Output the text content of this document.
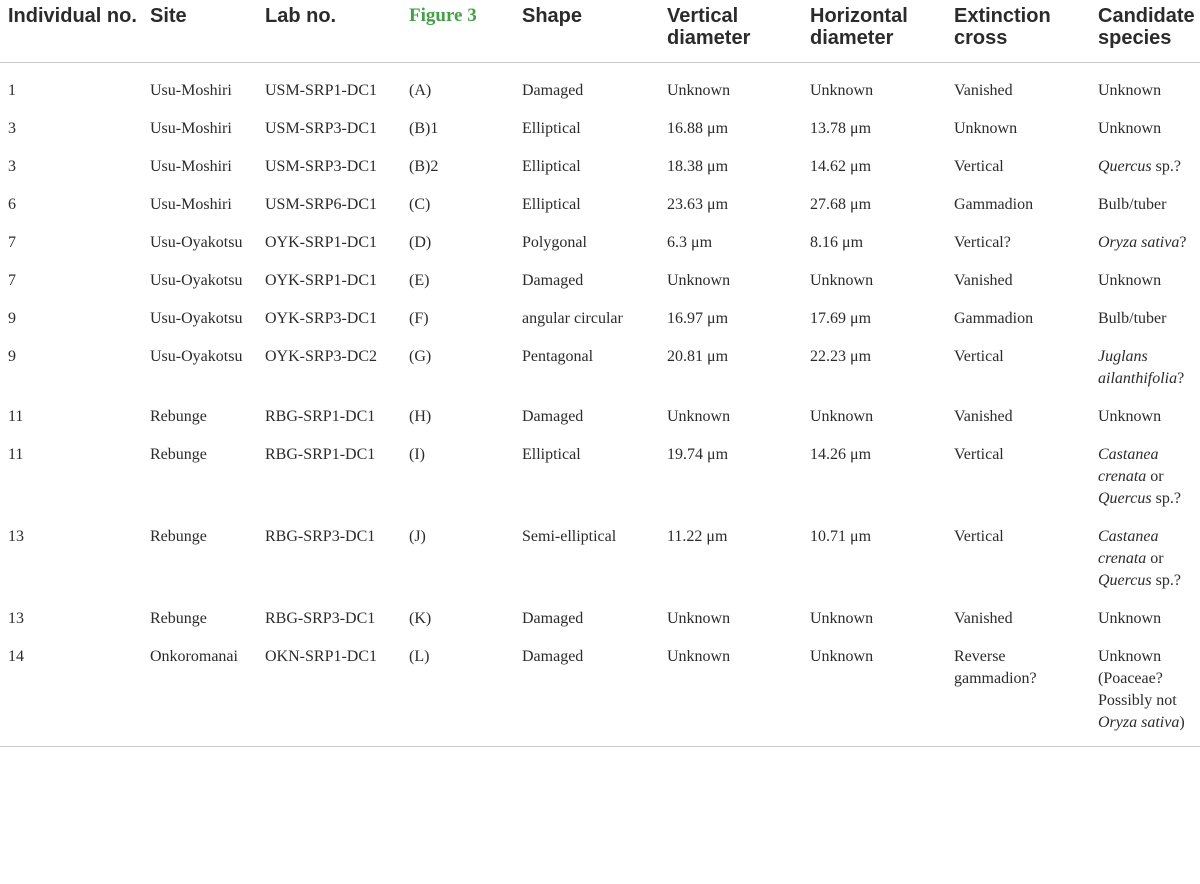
Individual no.	Site	Lab no.	Figure 3	Shape	Vertical diameter	Horizontal diameter	Extinction cross	Candidate species
1	Usu-Moshiri	USM-SRP1-DC1	(A)	Damaged	Unknown	Unknown	Vanished	Unknown
3	Usu-Moshiri	USM-SRP3-DC1	(B)1	Elliptical	16.88 μm	13.78 μm	Unknown	Unknown
3	Usu-Moshiri	USM-SRP3-DC1	(B)2	Elliptical	18.38 μm	14.62 μm	Vertical	Quercus sp.?
6	Usu-Moshiri	USM-SRP6-DC1	(C)	Elliptical	23.63 μm	27.68 μm	Gammadion	Bulb/tuber
7	Usu-Oyakotsu	OYK-SRP1-DC1	(D)	Polygonal	6.3 μm	8.16 μm	Vertical?	Oryza sativa?
7	Usu-Oyakotsu	OYK-SRP1-DC1	(E)	Damaged	Unknown	Unknown	Vanished	Unknown
9	Usu-Oyakotsu	OYK-SRP3-DC1	(F)	angular circular	16.97 μm	17.69 μm	Gammadion	Bulb/tuber
9	Usu-Oyakotsu	OYK-SRP3-DC2	(G)	Pentagonal	20.81 μm	22.23 μm	Vertical	Juglans ailanthifolia?
11	Rebunge	RBG-SRP1-DC1	(H)	Damaged	Unknown	Unknown	Vanished	Unknown
11	Rebunge	RBG-SRP1-DC1	(I)	Elliptical	19.74 μm	14.26 μm	Vertical	Castanea crenata or Quercus sp.?
13	Rebunge	RBG-SRP3-DC1	(J)	Semi-elliptical	11.22 μm	10.71 μm	Vertical	Castanea crenata or Quercus sp.?
13	Rebunge	RBG-SRP3-DC1	(K)	Damaged	Unknown	Unknown	Vanished	Unknown
14	Onkoromanai	OKN-SRP1-DC1	(L)	Damaged	Unknown	Unknown	Reverse gammadion?	Unknown (Poaceae? Possibly not Oryza sativa)
